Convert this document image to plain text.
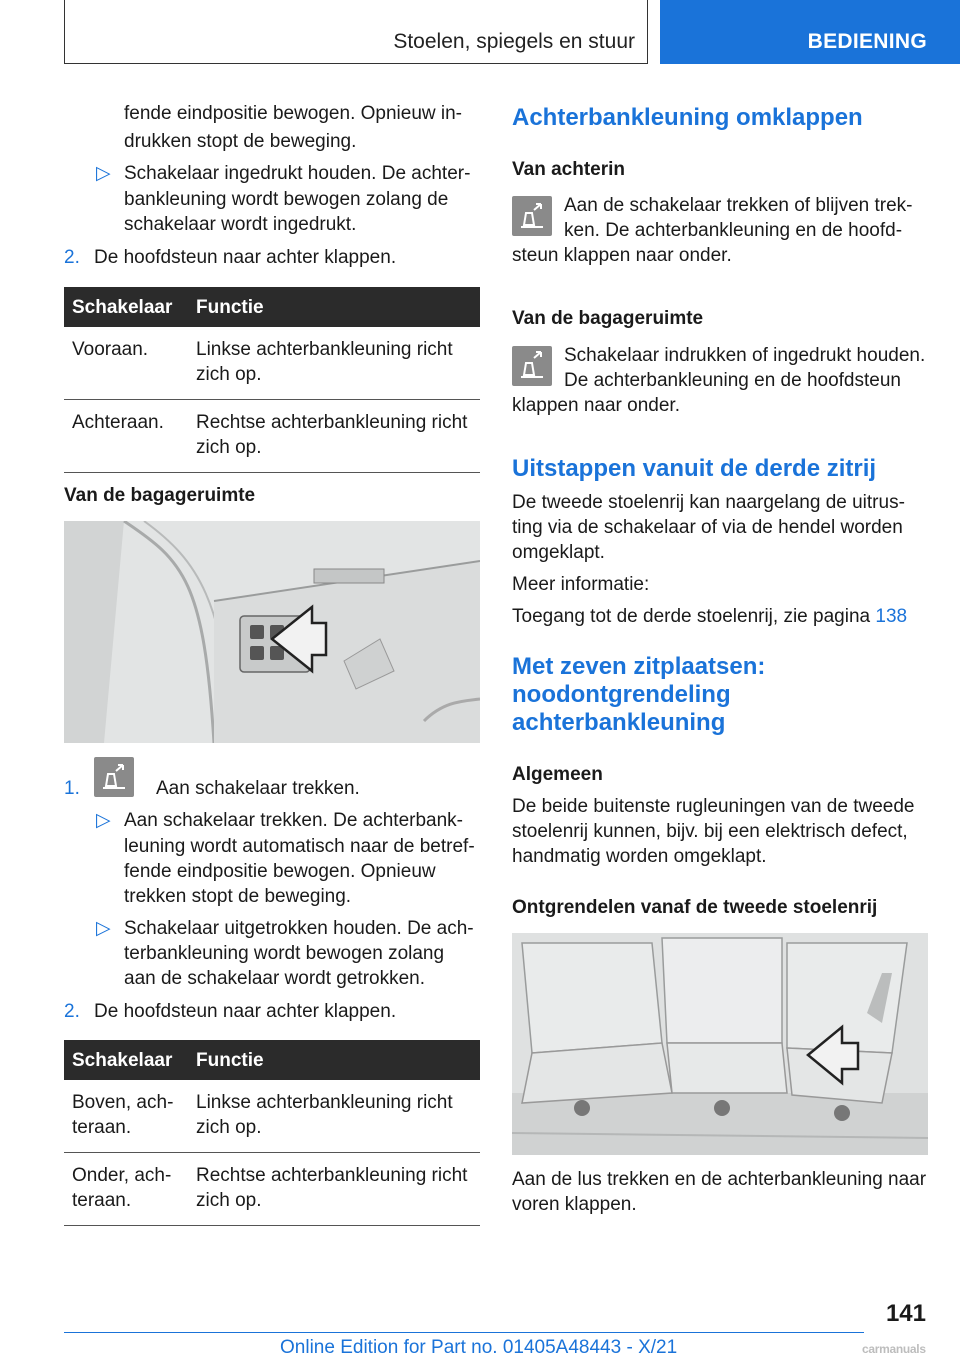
Stoelen, spiegels en stuur	BEDIENING
fende eindpositie bewogen. Opnieuw in-
drukken stopt de beweging.
▷ Schakelaar ingedrukt houden. De achter-
bankleuning wordt bewogen zolang de
schakelaar wordt ingedrukt.
2. De hoofdsteun naar achter klappen.
Schakelaar	Functie
Vooraan.	Linkse achterbankleuning richt
zich op.
Achteraan.	Rechtse achterbankleuning richt
zich op.
Van de bagageruimte
1.	Aan schakelaar trekken.
▷ Aan schakelaar trekken. De achterbank-
leuning wordt automatisch naar de betref-
fende eindpositie bewogen. Opnieuw
trekken stopt de beweging.
▷ Schakelaar uitgetrokken houden. De ach-
terbankleuning wordt bewogen zolang
aan de schakelaar wordt getrokken.
2. De hoofdsteun naar achter klappen.
Schakelaar	Functie
Boven, ach-
teraan.	Linkse achterbankleuning richt
zich op.
Onder, ach-
teraan.	Rechtse achterbankleuning richt
zich op.
Achterbankleuning omklappen
Van achterin
Aan de schakelaar trekken of blijven trek-
ken. De achterbankleuning en de hoofd-
steun klappen naar onder.
Van de bagageruimte
Schakelaar indrukken of ingedrukt houden.
De achterbankleuning en de hoofdsteun
klappen naar onder.
Uitstappen vanuit de derde zitrij
De tweede stoelenrij kan naargelang de uitrus-
ting via de schakelaar of via de hendel worden
omgeklapt.
Meer informatie:
Toegang tot de derde stoelenrij, zie pagina 138
Met zeven zitplaatsen:
noodontgrendeling
achterbankleuning
Algemeen
De beide buitenste rugleuningen van de tweede
stoelenrij kunnen, bijv. bij een elektrisch defect,
handmatig worden omgeklapt.
Ontgrendelen vanaf de tweede stoelenrij
Aan de lus trekken en de achterbankleuning naar
voren klappen.
141
Online Edition for Part no. 01405A48443 - X/21	carmanuals
